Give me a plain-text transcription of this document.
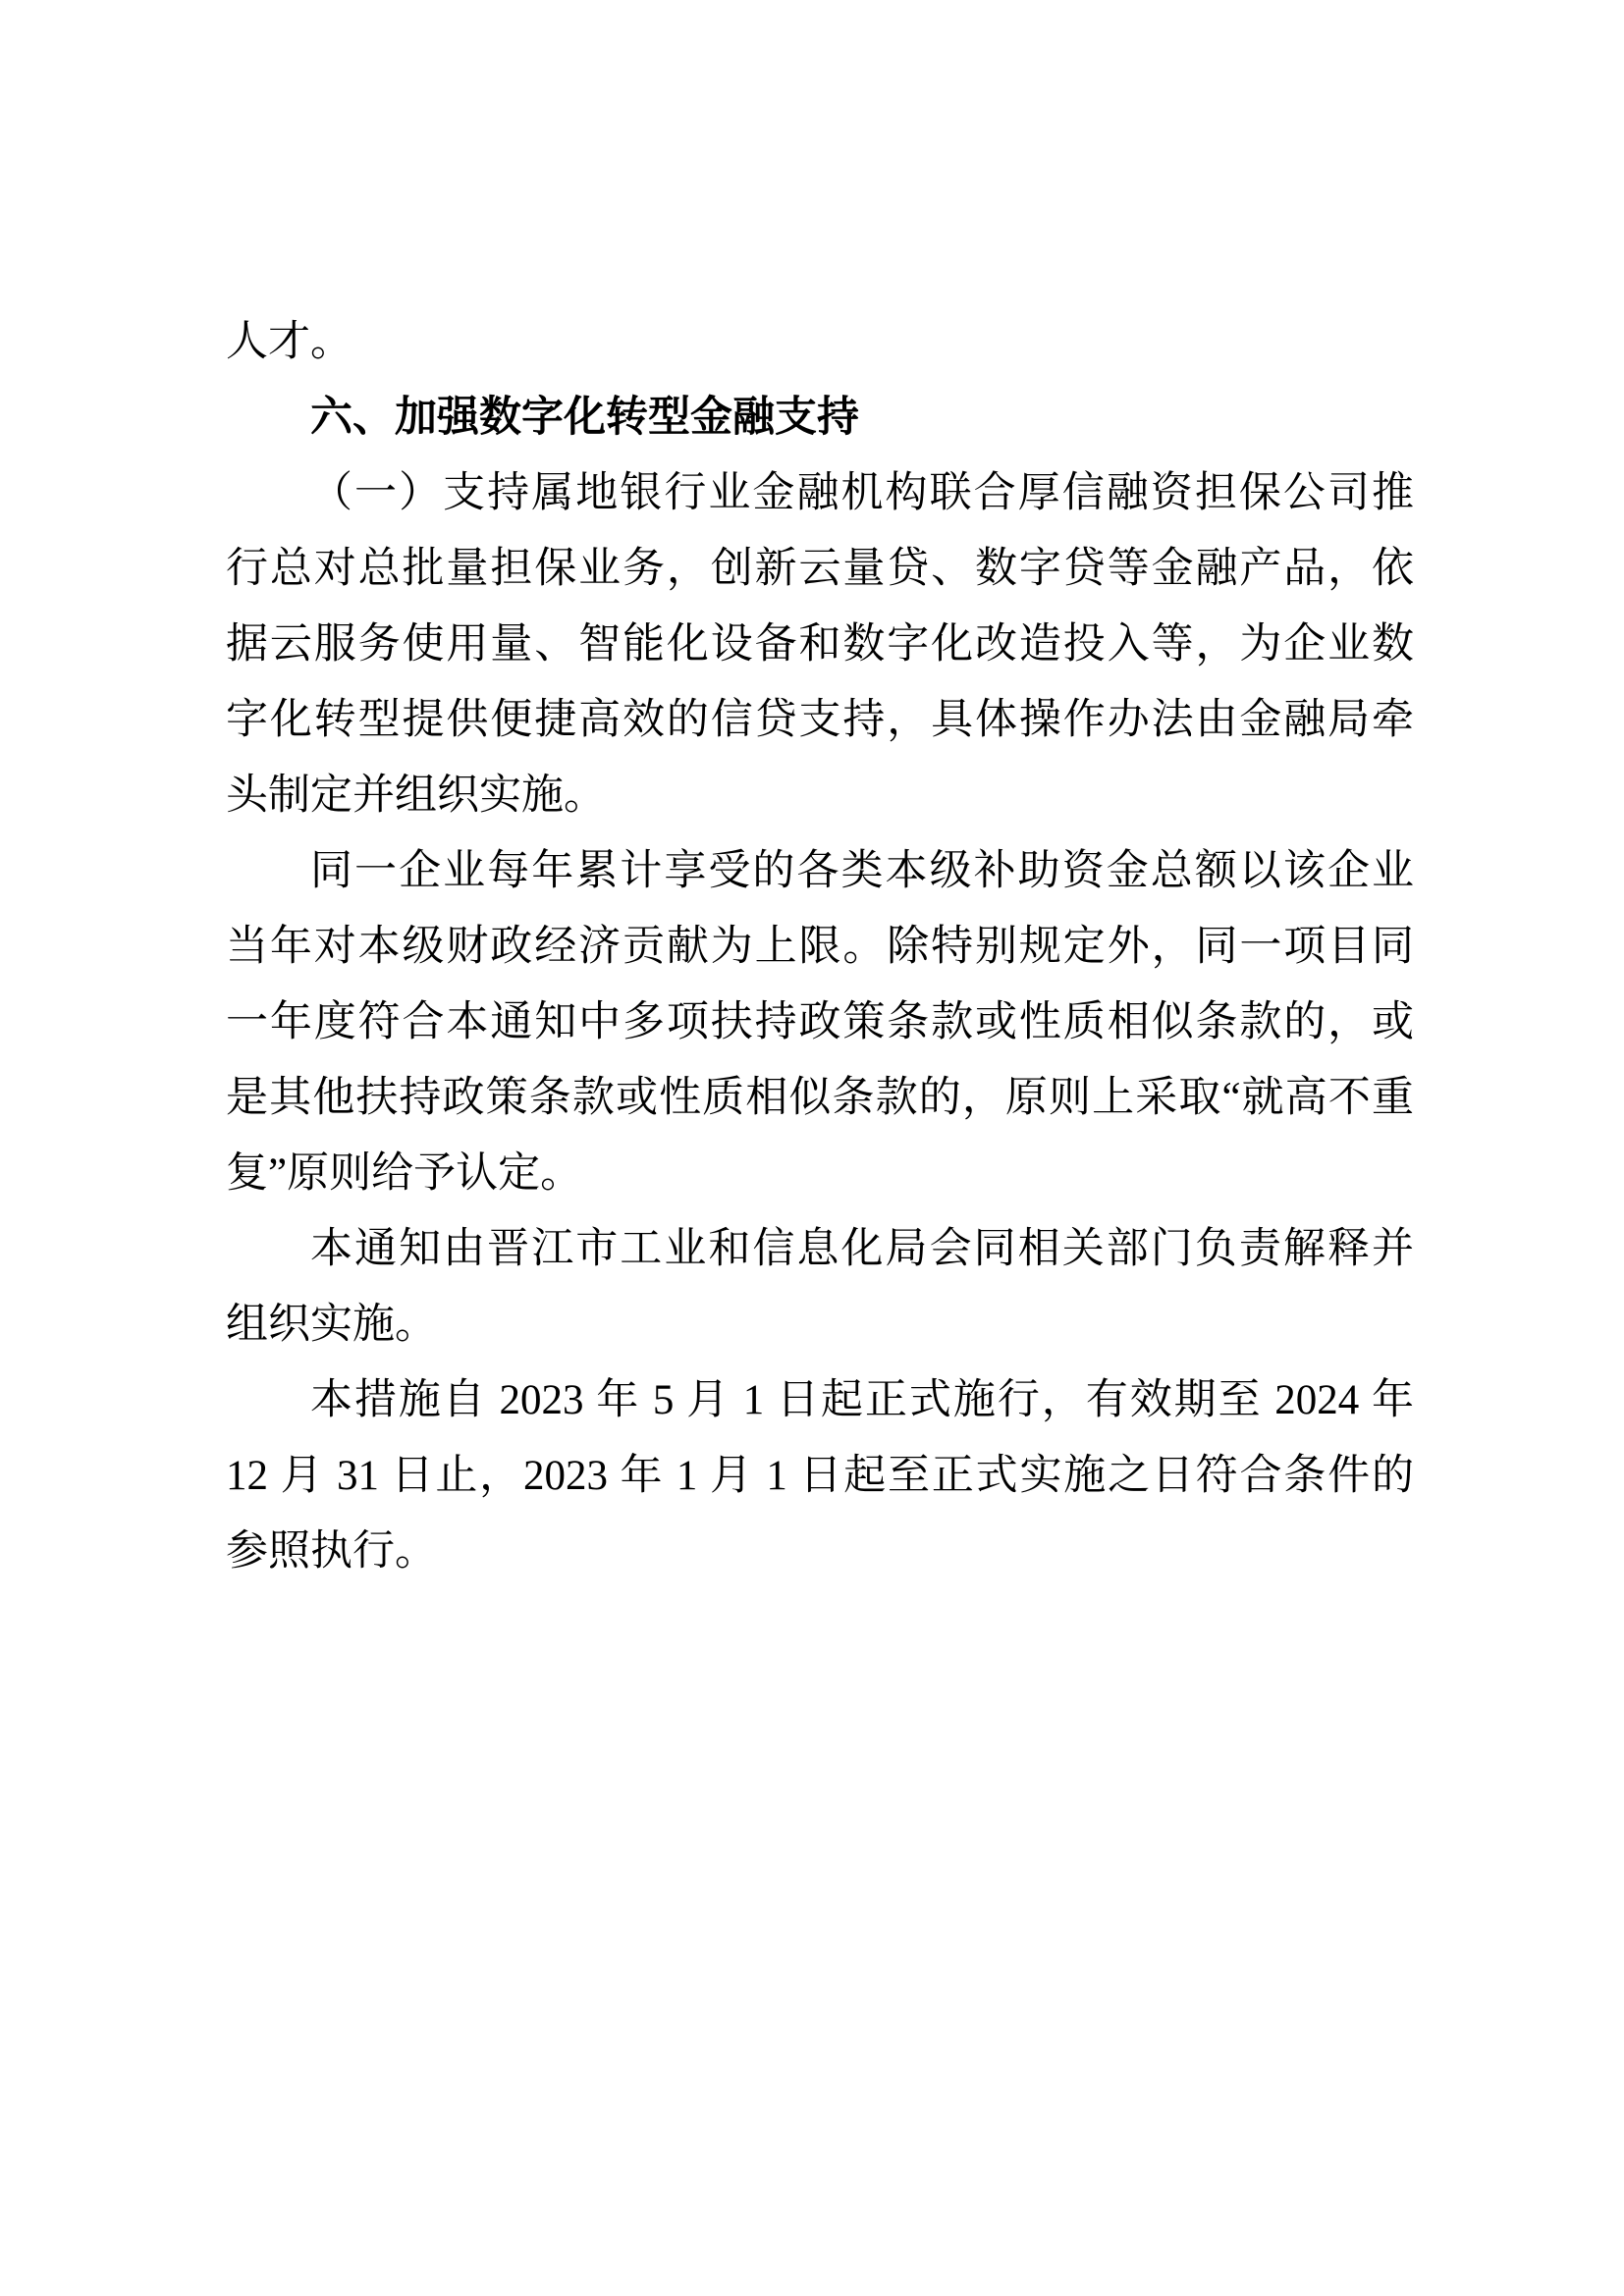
人才。
六、加强数字化转型金融支持
（一）支持属地银行业金融机构联合厚信融资担保公司推
行总对总批量担保业务，创新云量贷、数字贷等金融产品，依
据云服务使用量、智能化设备和数字化改造投入等，为企业数
字化转型提供便捷高效的信贷支持，具体操作办法由金融局牵
头制定并组织实施。
同一企业每年累计享受的各类本级补助资金总额以该企业
当年对本级财政经济贡献为上限。除特别规定外，同一项目同
一年度符合本通知中多项扶持政策条款或性质相似条款的，或
是其他扶持政策条款或性质相似条款的，原则上采取“就高不重
复”原则给予认定。
本通知由晋江市工业和信息化局会同相关部门负责解释并
组织实施。
本措施自 2023 年 5 月 1 日起正式施行，有效期至 2024 年
12 月 31 日止，2023 年 1 月 1 日起至正式实施之日符合条件的
参照执行。
